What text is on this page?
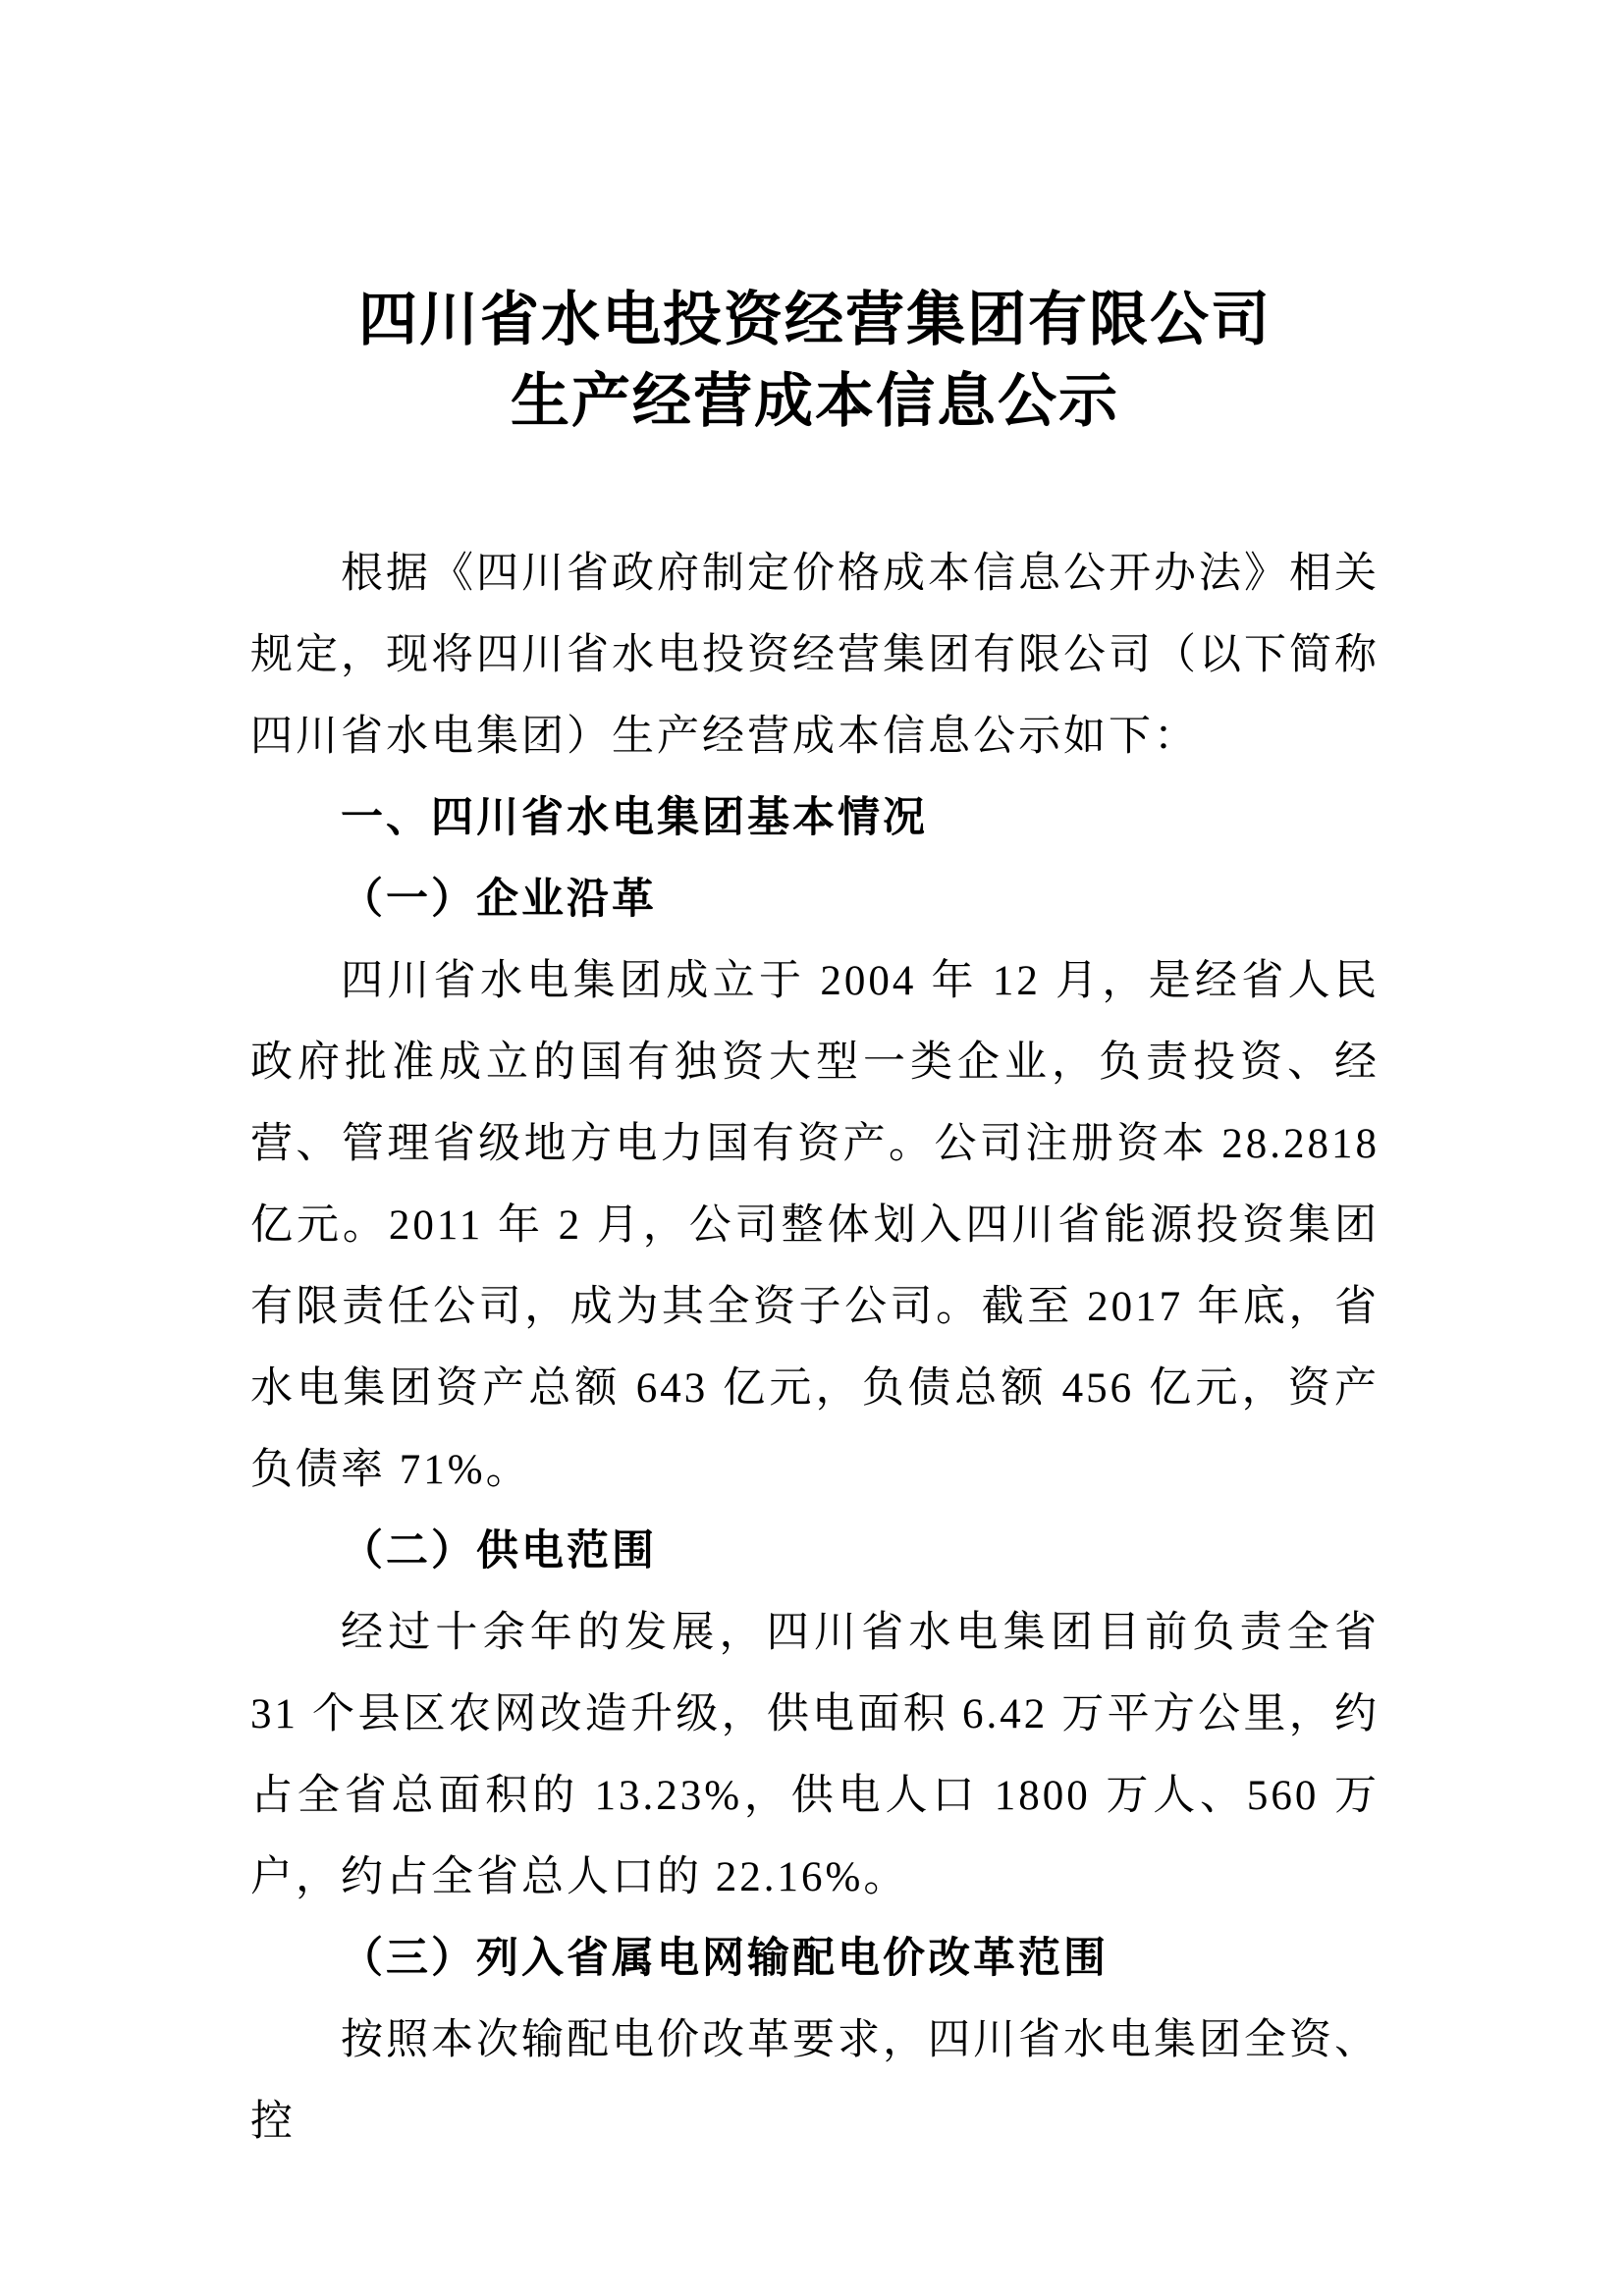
四川省水电投资经营集团有限公司
生产经营成本信息公示

根据《四川省政府制定价格成本信息公开办法》相关规定，现将四川省水电投资经营集团有限公司（以下简称四川省水电集团）生产经营成本信息公示如下：

一、四川省水电集团基本情况
（一）企业沿革

四川省水电集团成立于 2004 年 12 月，是经省人民政府批准成立的国有独资大型一类企业，负责投资、经营、管理省级地方电力国有资产。公司注册资本 28.2818 亿元。2011 年 2 月，公司整体划入四川省能源投资集团有限责任公司，成为其全资子公司。截至 2017 年底，省水电集团资产总额 643 亿元，负债总额 456 亿元，资产负债率 71%。

（二）供电范围

经过十余年的发展，四川省水电集团目前负责全省 31 个县区农网改造升级，供电面积 6.42 万平方公里，约占全省总面积的 13.23%，供电人口 1800 万人、560 万户，约占全省总人口的 22.16%。

（三）列入省属电网输配电价改革范围

按照本次输配电价改革要求，四川省水电集团全资、控
